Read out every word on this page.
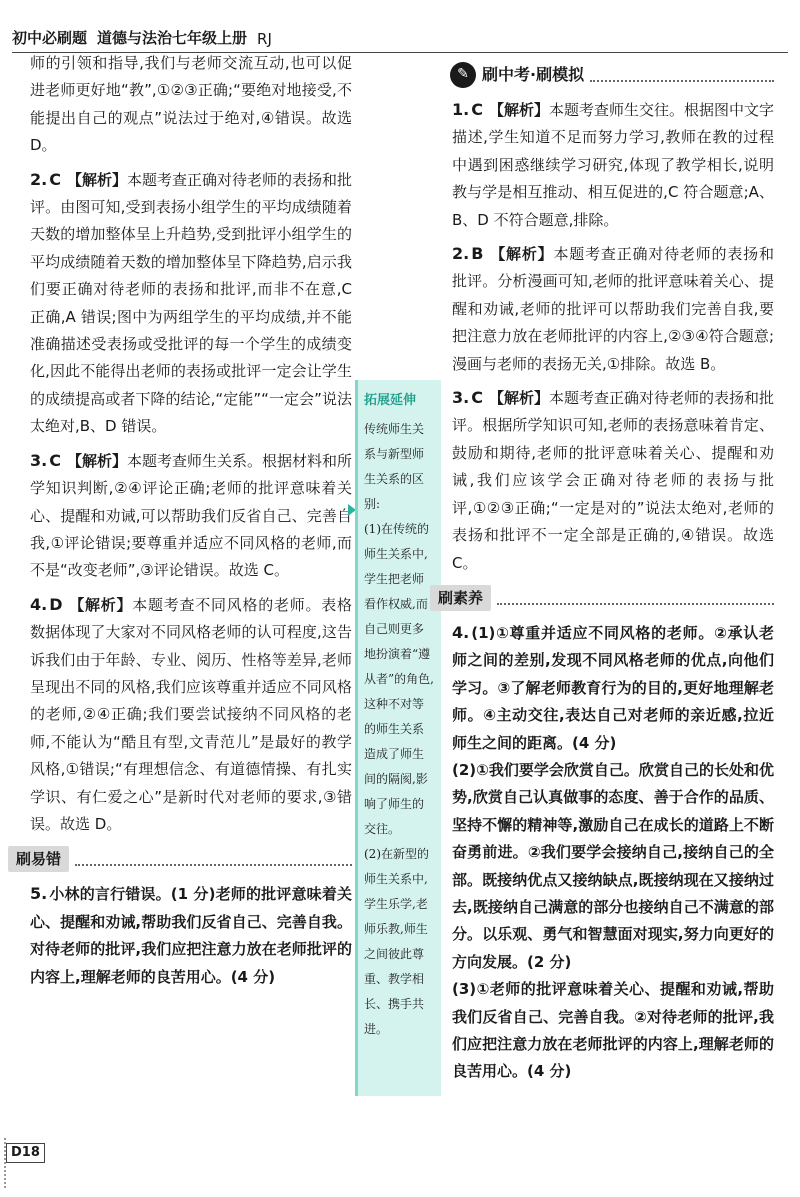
初中必刷题 道德与法治七年级上册 RJ

师的引领和指导,我们与老师交流互动,也可以促进老师更好地“教”,①②③正确;“要绝对地接受,不能提出自己的观点”说法过于绝对,④错误。故选 D。

2. C 【解析】本题考查正确对待老师的表扬和批评。由图可知,受到表扬小组学生的平均成绩随着天数的增加整体呈上升趋势,受到批评小组学生的平均成绩随着天数的增加整体呈下降趋势,启示我们要正确对待老师的表扬和批评,而非不在意,C 正确,A 错误;图中为两组学生的平均成绩,并不能准确描述受表扬或受批评的每一个学生的成绩变化,因此不能得出老师的表扬或批评一定会让学生的成绩提高或者下降的结论,“定能”“一定会”说法太绝对,B、D 错误。

3. C 【解析】本题考查师生关系。根据材料和所学知识判断,②④评论正确;老师的批评意味着关心、提醒和劝诫,可以帮助我们反省自己、完善自我,①评论错误;要尊重并适应不同风格的老师,而不是“改变老师”,③评论错误。故选 C。

4. D 【解析】本题考查不同风格的老师。表格数据体现了大家对不同风格老师的认可程度,这告诉我们由于年龄、专业、阅历、性格等差异,老师呈现出不同的风格,我们应该尊重并适应不同风格的老师,②④正确;我们要尝试接纳不同风格的老师,不能认为“酷且有型,文青范儿”是最好的教学风格,①错误;“有理想信念、有道德情操、有扎实学识、有仁爱之心”是新时代对老师的要求,③错误。故选 D。

刷易错

5. 小林的言行错误。(1 分)老师的批评意味着关心、提醒和劝诫,帮助我们反省自己、完善自我。对待老师的批评,我们应把注意力放在老师批评的内容上,理解老师的良苦用心。(4 分)

拓展延伸
传统师生关系与新型师生关系的区别:
(1)在传统的师生关系中,学生把老师看作权威,而自己则更多地扮演着“遵从者”的角色,这种不对等的师生关系造成了师生间的隔阂,影响了师生的交往。
(2)在新型的师生关系中,学生乐学,老师乐教,师生之间彼此尊重、教学相长、携手共进。
✎ 刷中考·刷模拟

1. C 【解析】本题考查师生交往。根据图中文字描述,学生知道不足而努力学习,教师在教的过程中遇到困惑继续学习研究,体现了教学相长,说明教与学是相互推动、相互促进的,C 符合题意;A、B、D 不符合题意,排除。

2. B 【解析】本题考查正确对待老师的表扬和批评。分析漫画可知,老师的批评意味着关心、提醒和劝诫,老师的批评可以帮助我们完善自我,要把注意力放在老师批评的内容上,②③④符合题意;漫画与老师的表扬无关,①排除。故选 B。

3. C 【解析】本题考查正确对待老师的表扬和批评。根据所学知识可知,老师的表扬意味着肯定、鼓励和期待,老师的批评意味着关心、提醒和劝诫,我们应该学会正确对待老师的表扬与批评,①②③正确;“一定是对的”说法太绝对,老师的表扬和批评不一定全部是正确的,④错误。故选 C。

刷素养
4. (1)①尊重并适应不同风格的老师。②承认老师之间的差别,发现不同风格老师的优点,向他们学习。③了解老师教育行为的目的,更好地理解老师。④主动交往,表达自己对老师的亲近感,拉近师生之间的距离。(4 分)
(2)①我们要学会欣赏自己。欣赏自己的长处和优势,欣赏自己认真做事的态度、善于合作的品质、坚持不懈的精神等,激励自己在成长的道路上不断奋勇前进。②我们要学会接纳自己,接纳自己的全部。既接纳优点又接纳缺点,既接纳现在又接纳过去,既接纳自己满意的部分也接纳自己不满意的部分。以乐观、勇气和智慧面对现实,努力向更好的方向发展。(2 分)
(3)①老师的批评意味着关心、提醒和劝诫,帮助我们反省自己、完善自我。②对待老师的批评,我们应把注意力放在老师批评的内容上,理解老师的良苦用心。(4 分)
D18
